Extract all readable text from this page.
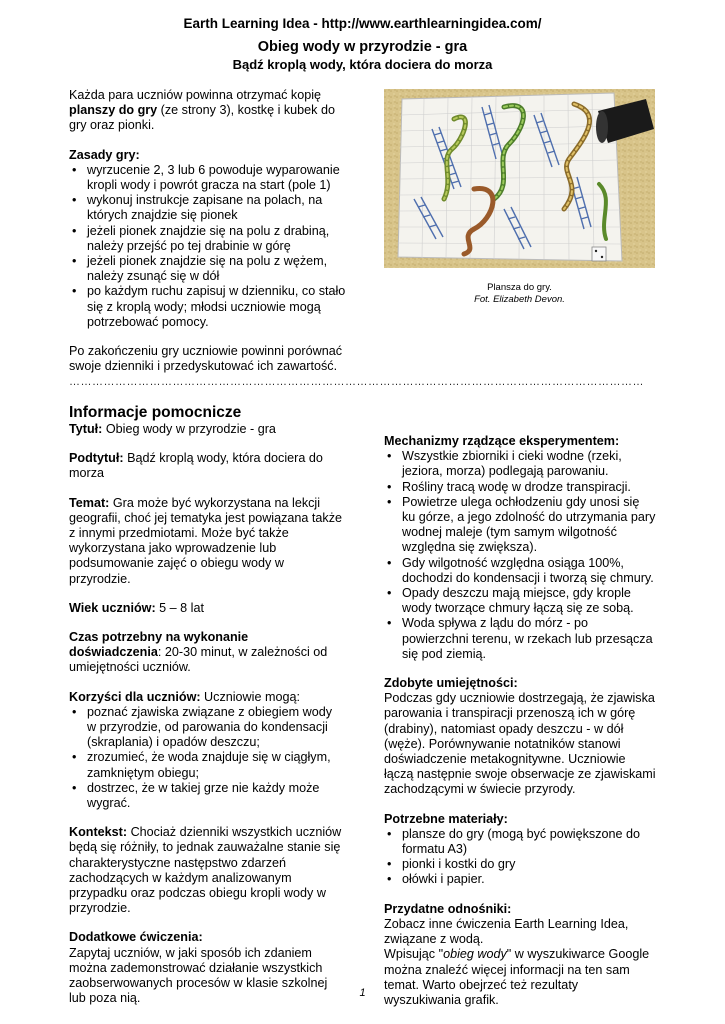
Earth Learning Idea - http://www.earthlearningidea.com/
Obieg wody w przyrodzie - gra
Bądź kroplą wody, która dociera do morza

Każda para uczniów powinna otrzymać kopię planszy do gry (ze strony 3), kostkę i kubek do gry oraz pionki.

Zasady gry:

• wyrzucenie 2, 3 lub 6 powoduje wyparowanie kropli wody i powrót gracza na start (pole 1)
• wykonuj instrukcje zapisane na polach, na których znajdzie się pionek
• jeżeli pionek znajdzie się na polu z drabiną, należy przejść po tej drabinie w górę
• jeżeli pionek znajdzie się na polu z wężem, należy zsunąć się w dół
• po każdym ruchu zapisuj w dzienniku, co stało się z kroplą wody; młodsi uczniowie mogą potrzebować pomocy.

Po zakończeniu gry uczniowie powinni porównać swoje dzienniki i przedyskutować ich zawartość.

Plansza do gry.
Fot. Elizabeth Devon.
……………………………………………………………………………………………………………………………………

Informacje pomocnicze

Tytuł: Obieg wody w przyrodzie - gra

Podtytuł: Bądź kroplą wody, która dociera do morza

Temat: Gra może być wykorzystana na lekcji geografii, choć jej tematyka jest powiązana także z innymi przedmiotami. Może być także wykorzystana jako wprowadzenie lub podsumowanie zajęć o obiegu wody w przyrodzie.

Wiek uczniów: 5 – 8 lat

Czas potrzebny na wykonanie doświadczenia: 20-30 minut, w zależności od umiejętności uczniów.

Korzyści dla uczniów: Uczniowie mogą:

• poznać zjawiska związane z obiegiem wody w przyrodzie, od parowania do kondensacji (skraplania) i opadów deszczu;
• zrozumieć, że woda znajduje się w ciągłym, zamkniętym obiegu;
• dostrzec, że w takiej grze nie każdy może wygrać.

Kontekst: Chociaż dzienniki wszystkich uczniów będą się różniły, to jednak zauważalne stanie się charakterystyczne następstwo zdarzeń zachodzących w każdym analizowanym przypadku oraz podczas obiegu kropli wody w przyrodzie.

Dodatkowe ćwiczenia:

Zapytaj uczniów, w jaki sposób ich zdaniem można zademonstrować działanie wszystkich zaobserwowanych procesów w klasie szkolnej lub poza nią.

Mechanizmy rządzące eksperymentem:

• Wszystkie zbiorniki i cieki wodne (rzeki, jeziora, morza) podlegają parowaniu.
• Rośliny tracą wodę w drodze transpiracji.
• Powietrze ulega ochłodzeniu gdy unosi się ku górze, a jego zdolność do utrzymania pary wodnej maleje (tym samym wilgotność względna się zwiększa).
• Gdy wilgotność względna osiąga 100%, dochodzi do kondensacji i tworzą się chmury.
• Opady deszczu mają miejsce, gdy krople wody tworzące chmury łączą się ze sobą.
• Woda spływa z lądu do mórz - po powierzchni terenu, w rzekach lub przesącza się pod ziemią.

Zdobyte umiejętności:

Podczas gdy uczniowie dostrzegają, że zjawiska parowania i transpiracji przenoszą ich w górę (drabiny), natomiast opady deszczu - w dół (węże). Porównywanie notatników stanowi doświadczenie metakognitywne. Uczniowie łączą następnie swoje obserwacje ze zjawiskami zachodzącymi w świecie przyrody.

Potrzebne materiały:

• plansze do gry (mogą być powiększone do formatu A3)
• pionki i kostki do gry
• ołówki i papier.

Przydatne odnośniki:

Zobacz inne ćwiczenia Earth Learning Idea, związane z wodą.

Wpisując "obieg wody" w wyszukiwarce Google można znaleźć więcej informacji na ten sam temat. Warto obejrzeć też rezultaty wyszukiwania grafik.

1
